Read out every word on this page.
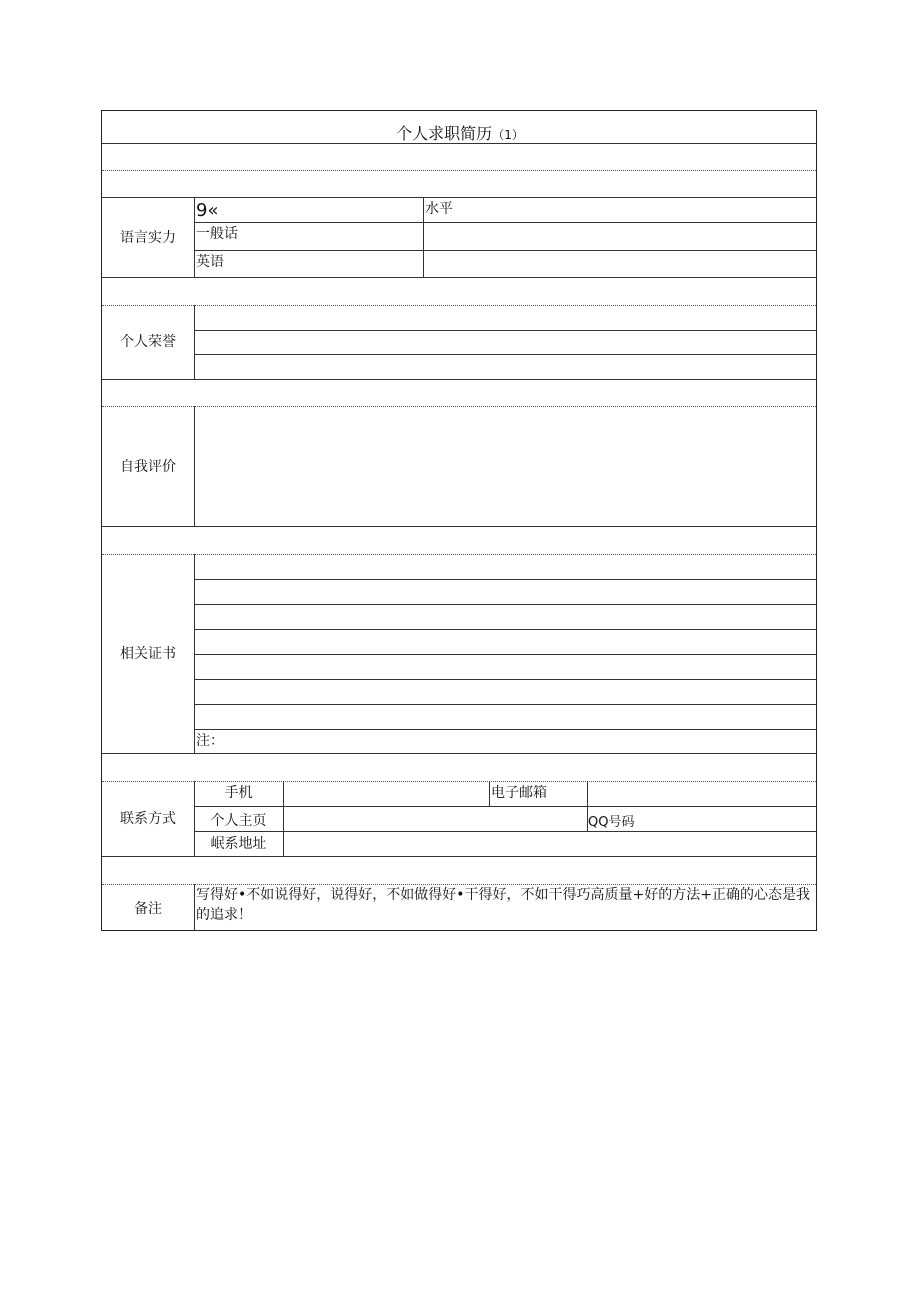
个人求职简历（1）
语言实力
9«	水平
一般话
英语
个人荣誉
自我评价
相关证书
注：
联系方式
手机	电子邮箱
个人主页	QQ号码
岷系地址
备注
写得好•不如说得好，说得好，不如做得好•干得好，不如干得巧高质量+好的方法+正确的心态是我的追求！
